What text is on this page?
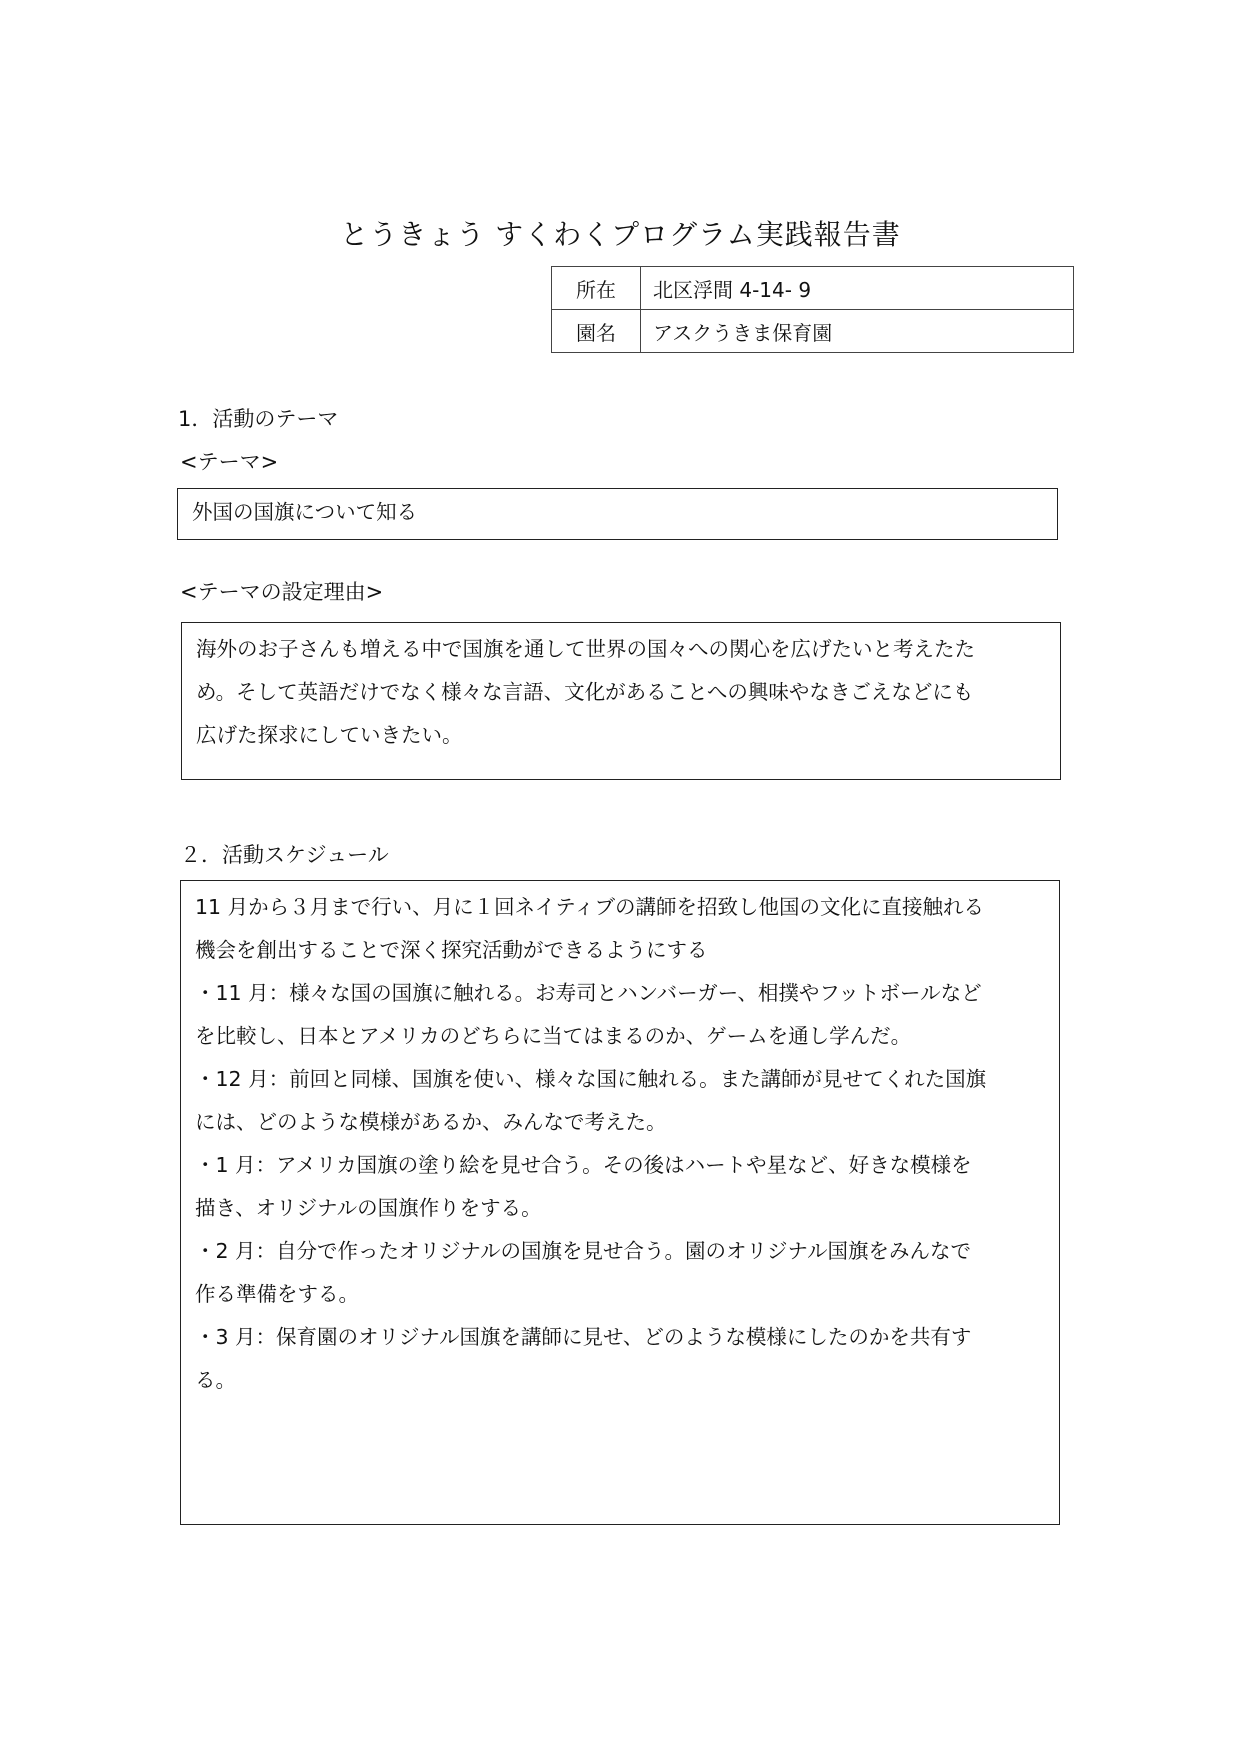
とうきょう すくわくプログラム実践報告書
所在	北区浮間 4-14- 9
園名	アスクうきま保育園
1．活動のテーマ
<テーマ>

外国の国旗について知る

<テーマの設定理由>

海外のお子さんも増える中で国旗を通して世界の国々への関心を広げたいと考えたた

め。そして英語だけでなく様々な言語、文化があることへの興味やなきごえなどにも

広げた探求にしていきたい。

２．活動スケジュール

11 月から３月まで行い、月に１回ネイティブの講師を招致し他国の文化に直接触れる

機会を創出することで深く探究活動ができるようにする

・11 月：様々な国の国旗に触れる。お寿司とハンバーガー、相撲やフットボールなど

を比較し、日本とアメリカのどちらに当てはまるのか、ゲームを通し学んだ。

・12 月：前回と同様、国旗を使い、様々な国に触れる。また講師が見せてくれた国旗

には、どのような模様があるか、みんなで考えた。

・1 月：アメリカ国旗の塗り絵を見せ合う。その後はハートや星など、好きな模様を

描き、オリジナルの国旗作りをする。

・2 月：自分で作ったオリジナルの国旗を見せ合う。園のオリジナル国旗をみんなで

作る準備をする。

・3 月：保育園のオリジナル国旗を講師に見せ、どのような模様にしたのかを共有す

る。
